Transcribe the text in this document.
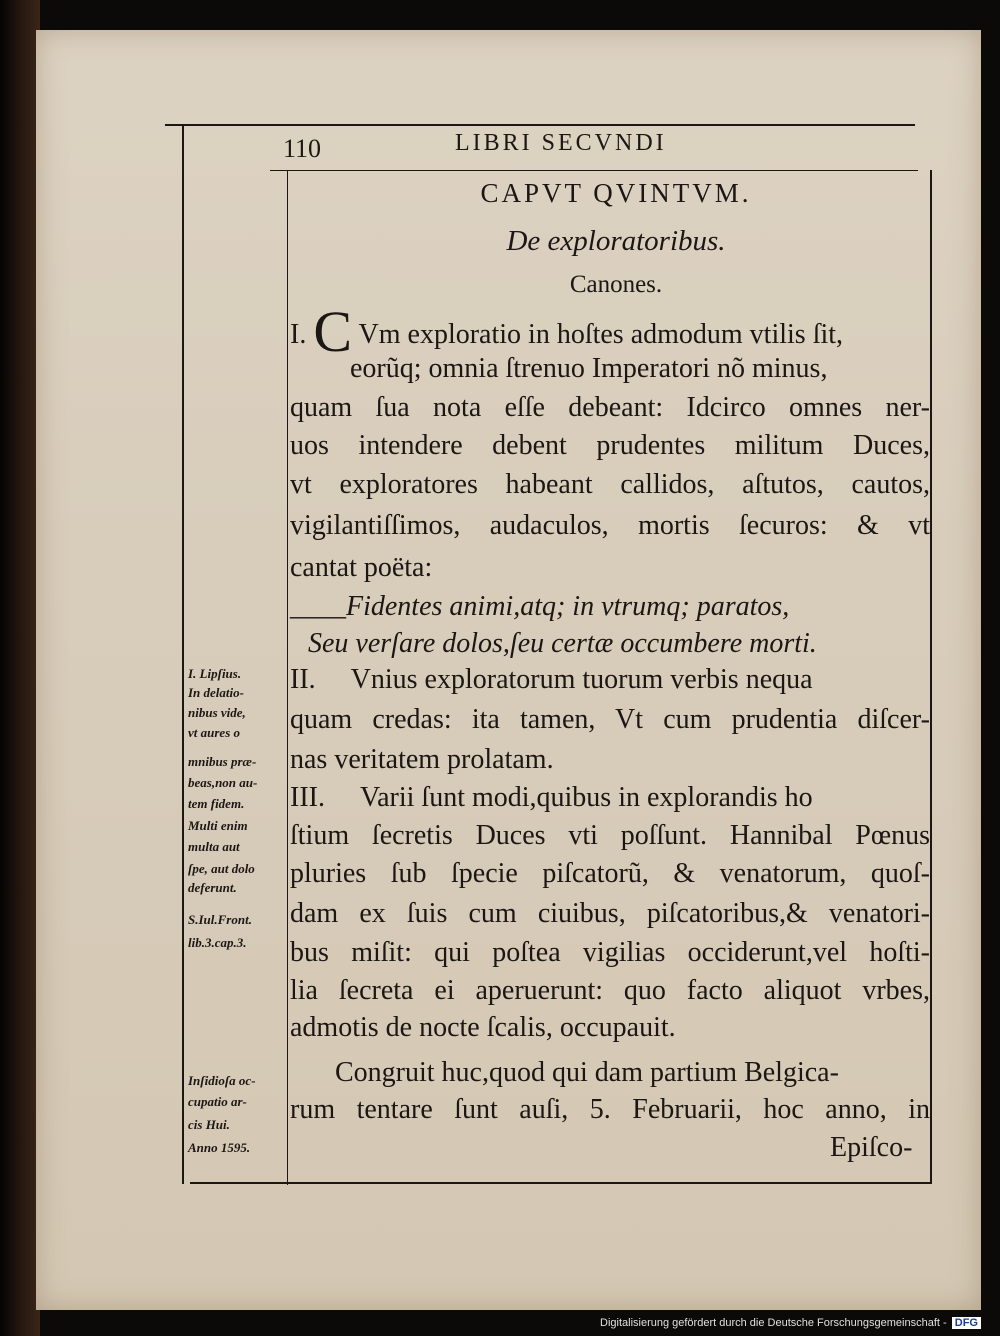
110	LIBRI SECVNDI
CAPVT QVINTVM.
De exploratoribus.
Canones.
I. C Vm exploratio in hoſtes admodum vtilis ſit,
eorũq; omnia ſtrenuo Imperatori nõ minus,
quam ſua nota eſſe debeant: Idcirco omnes ner-
uos intendere debent prudentes militum Duces,
vt exploratores habeant callidos, aſtutos, cautos,
vigilantiſſimos, audaculos, mortis ſecuros: & vt
cantat poëta:
____Fidentes animi,atq; in vtrumq; paratos,
Seu verſare dolos,ſeu certæ occumbere morti.
II. Vnius exploratorum tuorum verbis nequa
quam credas: ita tamen, Vt cum prudentia diſcer-
nas veritatem prolatam.
III. Varii ſunt modi,quibus in explorandis ho
ſtium ſecretis Duces vti poſſunt. Hannibal Pœnus
pluries ſub ſpecie piſcatorũ, & venatorum, quoſ-
dam ex ſuis cum ciuibus, piſcatoribus,& venatori-
bus miſit: qui poſtea vigilias occiderunt,vel hoſti-
lia ſecreta ei aperuerunt: quo facto aliquot vrbes,
admotis de nocte ſcalis, occupauit.
Congruit huc,quod qui dam partium Belgica-
rum tentare ſunt auſi, 5. Februarii, hoc anno, in
Epiſco-
I. Lipſius.
In delatio-
nibus vide,
vt aures o
mnibus præ-
beas,non au-
tem fidem.
Multi enim
multa aut
ſpe, aut dolo
deferunt.
S.Iul.Front.
lib.3.cap.3.
Inſidioſa oc-
cupatio ar-
cis Hui.
Anno 1595.
Digitalisierung gefördert durch die Deutsche Forschungsgemeinschaft - DFG
